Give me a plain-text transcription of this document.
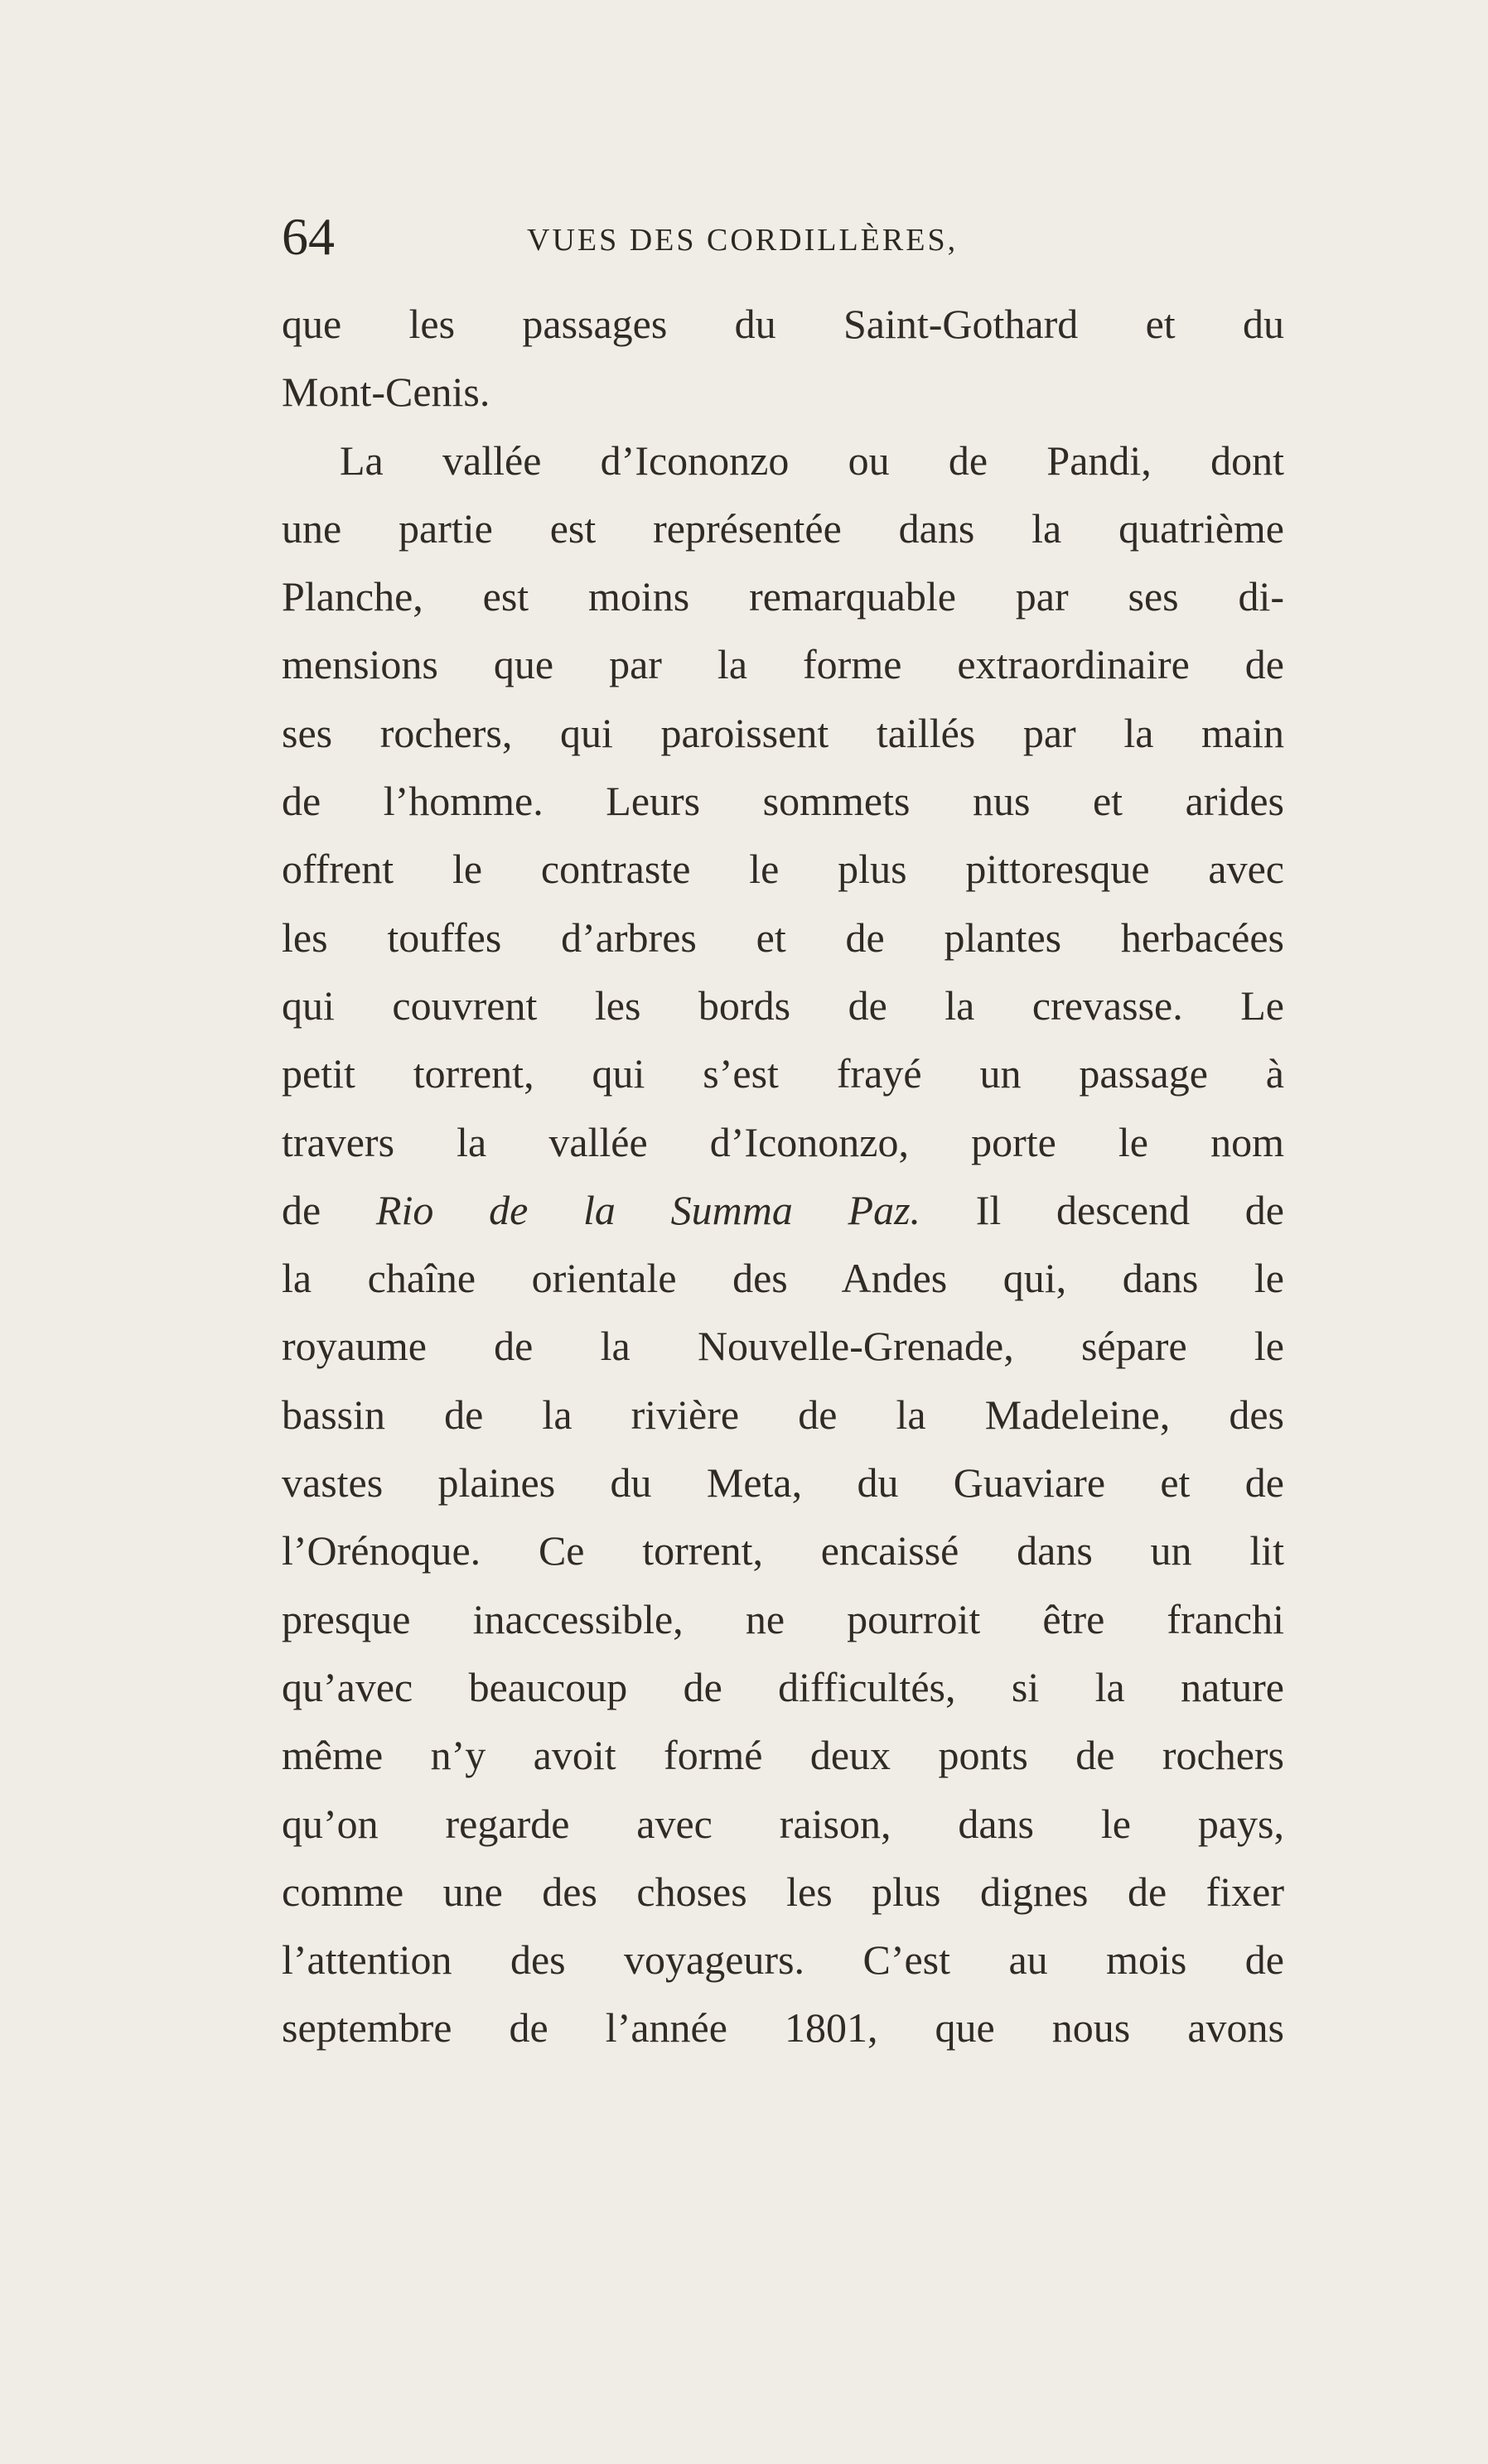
64	VUES DES CORDILLÈRES,
que les passages du Saint-Gothard et du
Mont-Cenis.
La vallée d’Icononzo ou de Pandi, dont
une partie est représentée dans la quatrième
Planche, est moins remarquable par ses di-
mensions que par la forme extraordinaire de
ses rochers, qui paroissent taillés par la main
de l’homme. Leurs sommets nus et arides
offrent le contraste le plus pittoresque avec
les touffes d’arbres et de plantes herbacées
qui couvrent les bords de la crevasse. Le
petit torrent, qui s’est frayé un passage à
travers la vallée d’Icononzo, porte le nom
de Rio de la Summa Paz. Il descend de
la chaîne orientale des Andes qui, dans le
royaume de la Nouvelle-Grenade, sépare le
bassin de la rivière de la Madeleine, des
vastes plaines du Meta, du Guaviare et de
l’Orénoque. Ce torrent, encaissé dans un lit
presque inaccessible, ne pourroit être franchi
qu’avec beaucoup de difficultés, si la nature
même n’y avoit formé deux ponts de rochers
qu’on regarde avec raison, dans le pays,
comme une des choses les plus dignes de fixer
l’attention des voyageurs. C’est au mois de
septembre de l’année 1801, que nous avons
